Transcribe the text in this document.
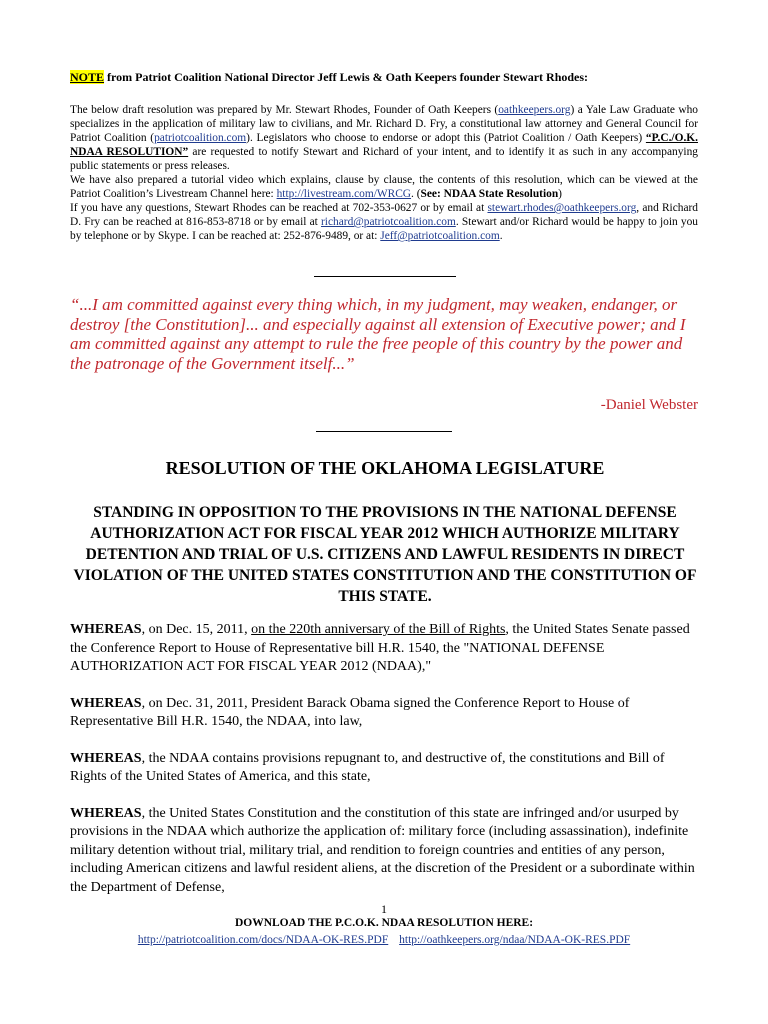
NOTE from Patriot Coalition National Director Jeff Lewis & Oath Keepers founder Stewart Rhodes:

The below draft resolution was prepared by Mr. Stewart Rhodes, Founder of Oath Keepers (oathkeepers.org) a Yale Law Graduate who specializes in the application of military law to civilians, and Mr. Richard D. Fry, a constitutional law attorney and General Council for Patriot Coalition (patriotcoalition.com). Legislators who choose to endorse or adopt this (Patriot Coalition / Oath Keepers) “P.C./O.K. NDAA RESOLUTION” are requested to notify Stewart and Richard of your intent, and to identify it as such in any accompanying public statements or press releases.

We have also prepared a tutorial video which explains, clause by clause, the contents of this resolution, which can be viewed at the Patriot Coalition’s Livestream Channel here: http://livestream.com/WRCG. (See: NDAA State Resolution)

If you have any questions, Stewart Rhodes can be reached at 702-353-0627 or by email at stewart.rhodes@oathkeepers.org, and Richard D. Fry can be reached at 816-853-8718 or by email at richard@patriotcoalition.com. Stewart and/or Richard would be happy to join you by telephone or by Skype. I can be reached at: 252-876-9489, or at: Jeff@patriotcoalition.com.

“...I am committed against every thing which, in my judgment, may weaken, endanger, or destroy [the Constitution]... and especially against all extension of Executive power; and I am committed against any attempt to rule the free people of this country by the power and the patronage of the Government itself...”
-Daniel Webster
RESOLUTION OF THE OKLAHOMA LEGISLATURE
STANDING IN OPPOSITION TO THE PROVISIONS IN THE NATIONAL DEFENSE AUTHORIZATION ACT FOR FISCAL YEAR 2012 WHICH AUTHORIZE MILITARY DETENTION AND TRIAL OF U.S. CITIZENS AND LAWFUL RESIDENTS IN DIRECT VIOLATION OF THE UNITED STATES CONSTITUTION AND THE CONSTITUTION OF THIS STATE.

WHEREAS, on Dec. 15, 2011, on the 220th anniversary of the Bill of Rights, the United States Senate passed the Conference Report to House of Representative bill H.R. 1540, the "NATIONAL DEFENSE AUTHORIZATION ACT FOR FISCAL YEAR 2012 (NDAA),"

WHEREAS, on Dec. 31, 2011, President Barack Obama signed the Conference Report to House of Representative Bill H.R. 1540, the NDAA, into law,

WHEREAS, the NDAA contains provisions repugnant to, and destructive of, the constitutions and Bill of Rights of the United States of America, and this state,

WHEREAS, the United States Constitution and the constitution of this state are infringed and/or usurped by provisions in the NDAA which authorize the application of: military force (including assassination), indefinite military detention without trial, military trial, and rendition to foreign countries and entities of any person, including American citizens and lawful resident aliens, at the discretion of the President or a subordinate within the Department of Defense,

1
DOWNLOAD THE P.C.O.K. NDAA RESOLUTION HERE:
http://patriotcoalition.com/docs/NDAA-OK-RES.PDF http://oathkeepers.org/ndaa/NDAA-OK-RES.PDF
